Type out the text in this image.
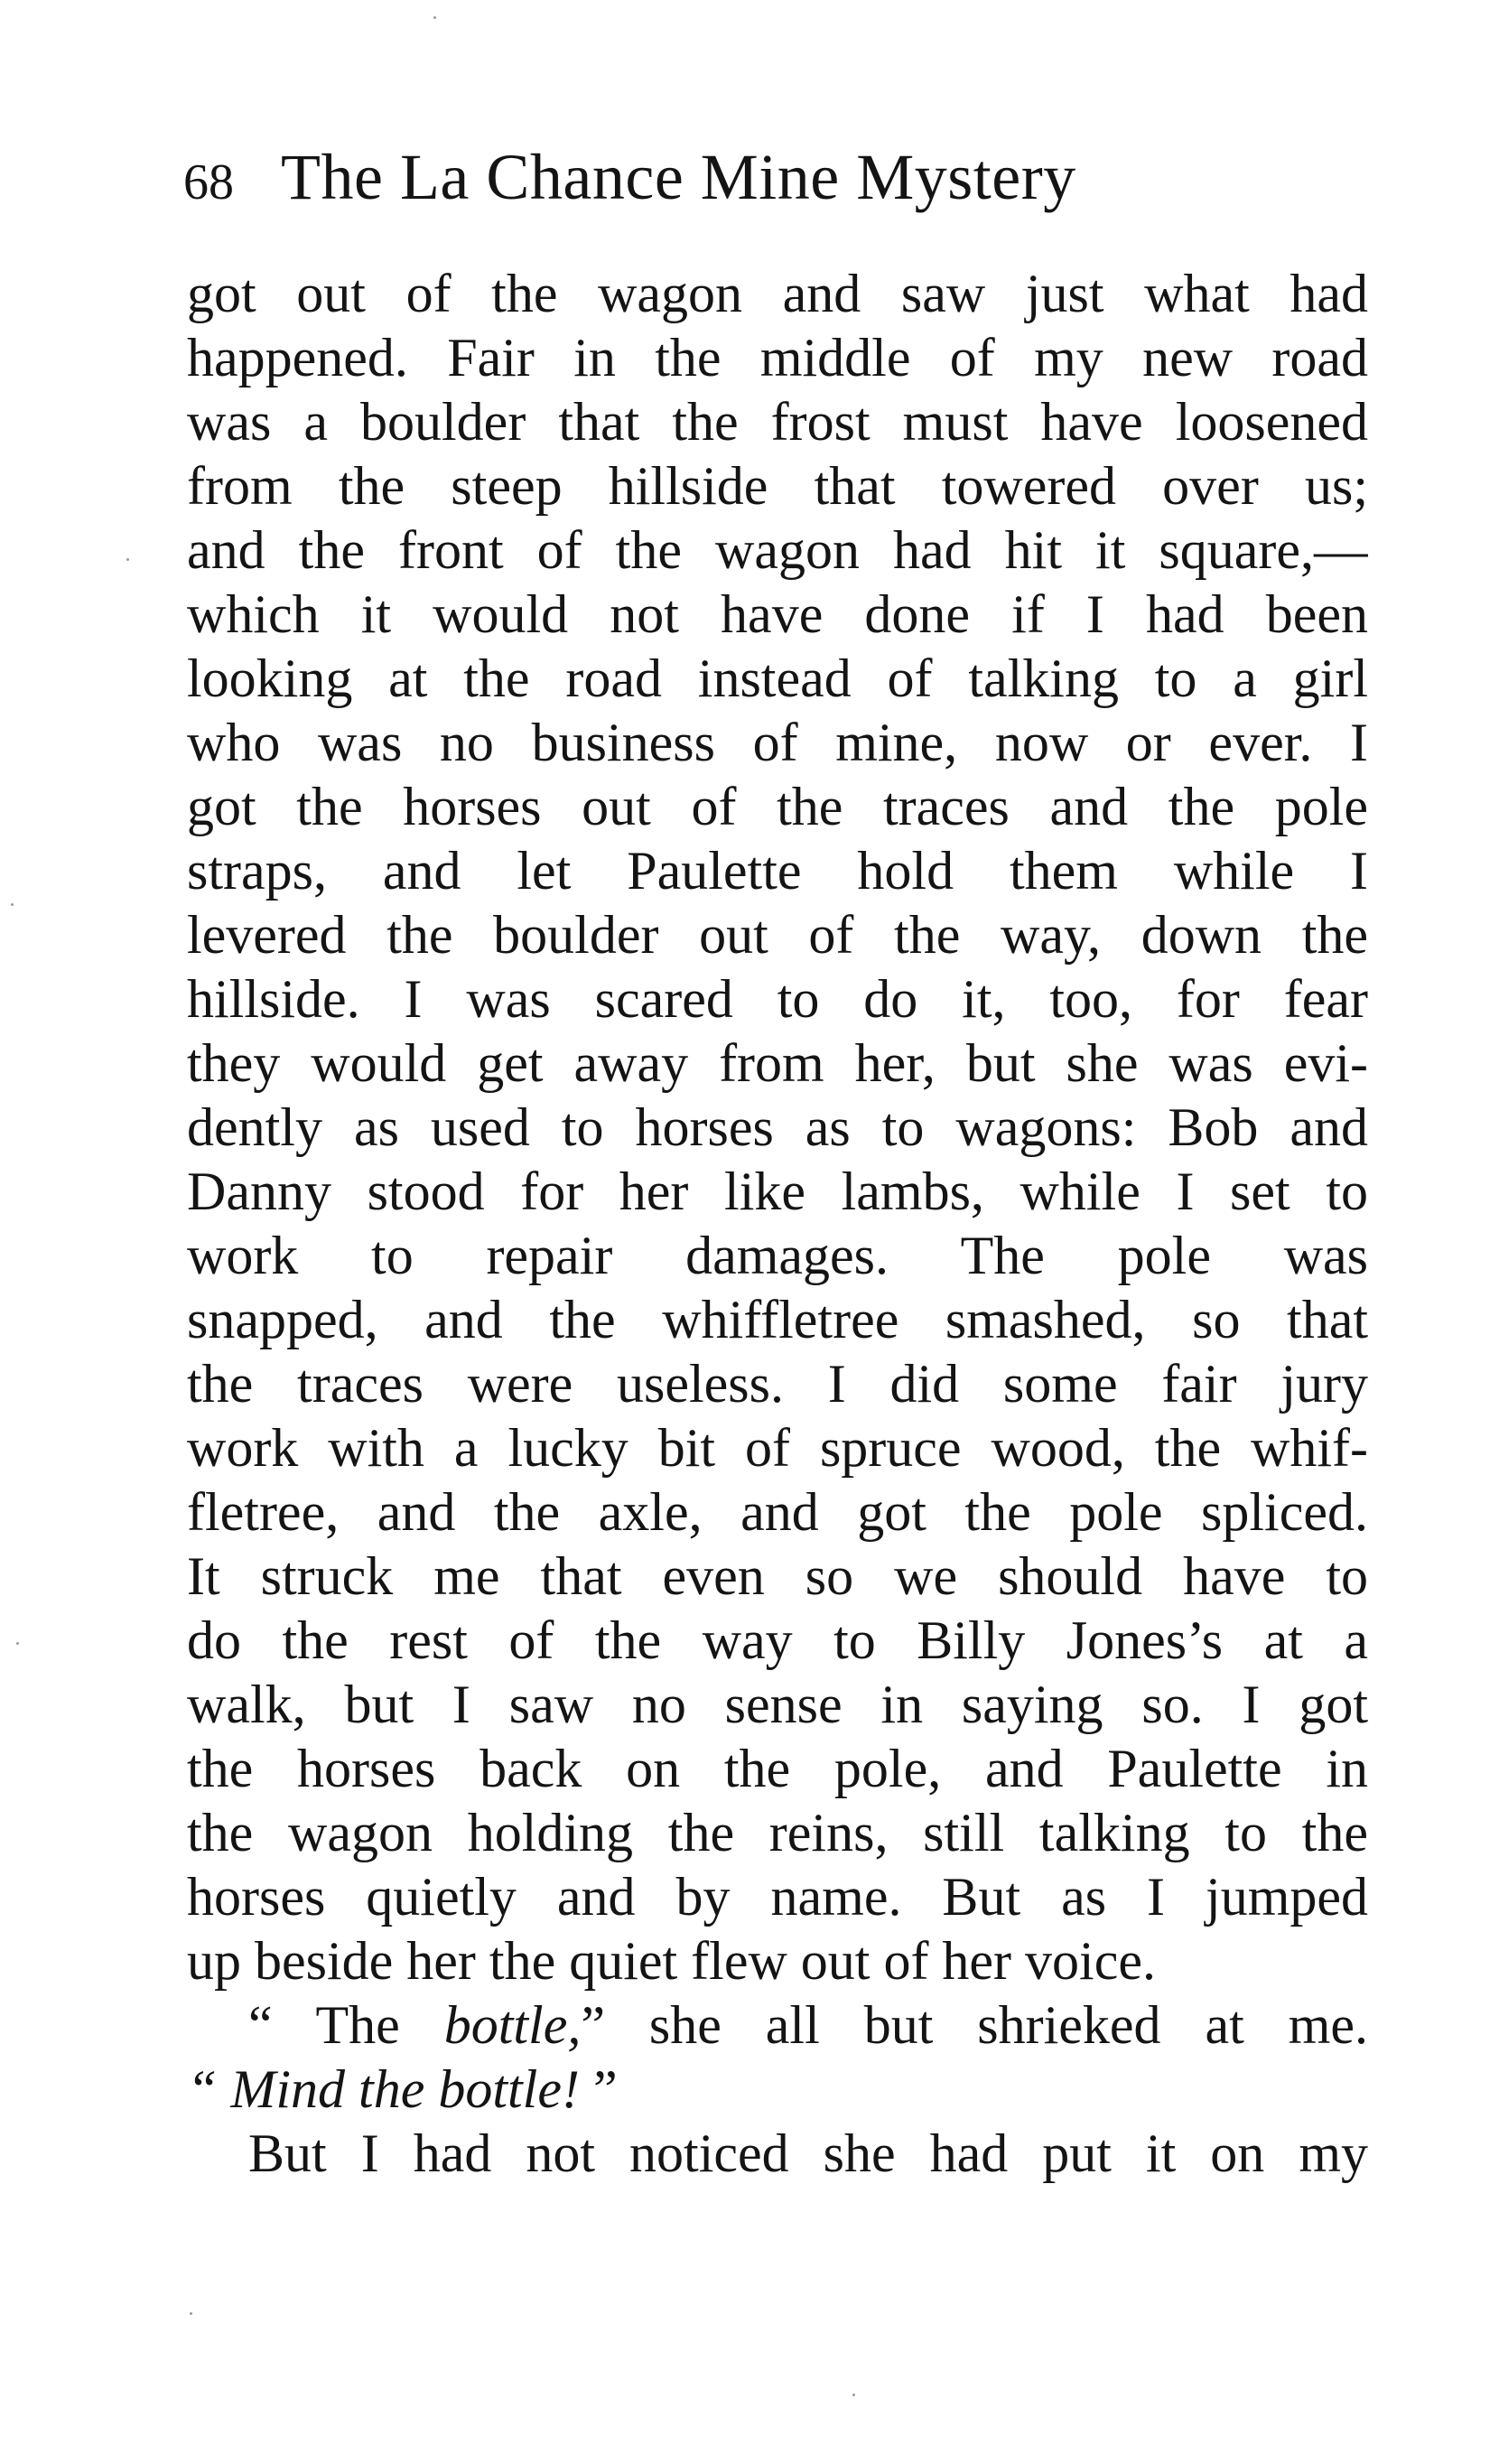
68 The La Chance Mine Mystery
got out of the wagon and saw just what had
happened. Fair in the middle of my new road
was a boulder that the frost must have loosened
from the steep hillside that towered over us;
and the front of the wagon had hit it square,—
which it would not have done if I had been
looking at the road instead of talking to a girl
who was no business of mine, now or ever. I
got the horses out of the traces and the pole
straps, and let Paulette hold them while I
levered the boulder out of the way, down the
hillside. I was scared to do it, too, for fear
they would get away from her, but she was evi-
dently as used to horses as to wagons: Bob and
Danny stood for her like lambs, while I set to
work to repair damages. The pole was
snapped, and the whiffletree smashed, so that
the traces were useless. I did some fair jury
work with a lucky bit of spruce wood, the whif-
fletree, and the axle, and got the pole spliced.
It struck me that even so we should have to
do the rest of the way to Billy Jones’s at a
walk, but I saw no sense in saying so. I got
the horses back on the pole, and Paulette in
the wagon holding the reins, still talking to the
horses quietly and by name. But as I jumped
up beside her the quiet flew out of her voice.
“ The bottle,” she all but shrieked at me.
“ Mind the bottle! ”
But I had not noticed she had put it on my
